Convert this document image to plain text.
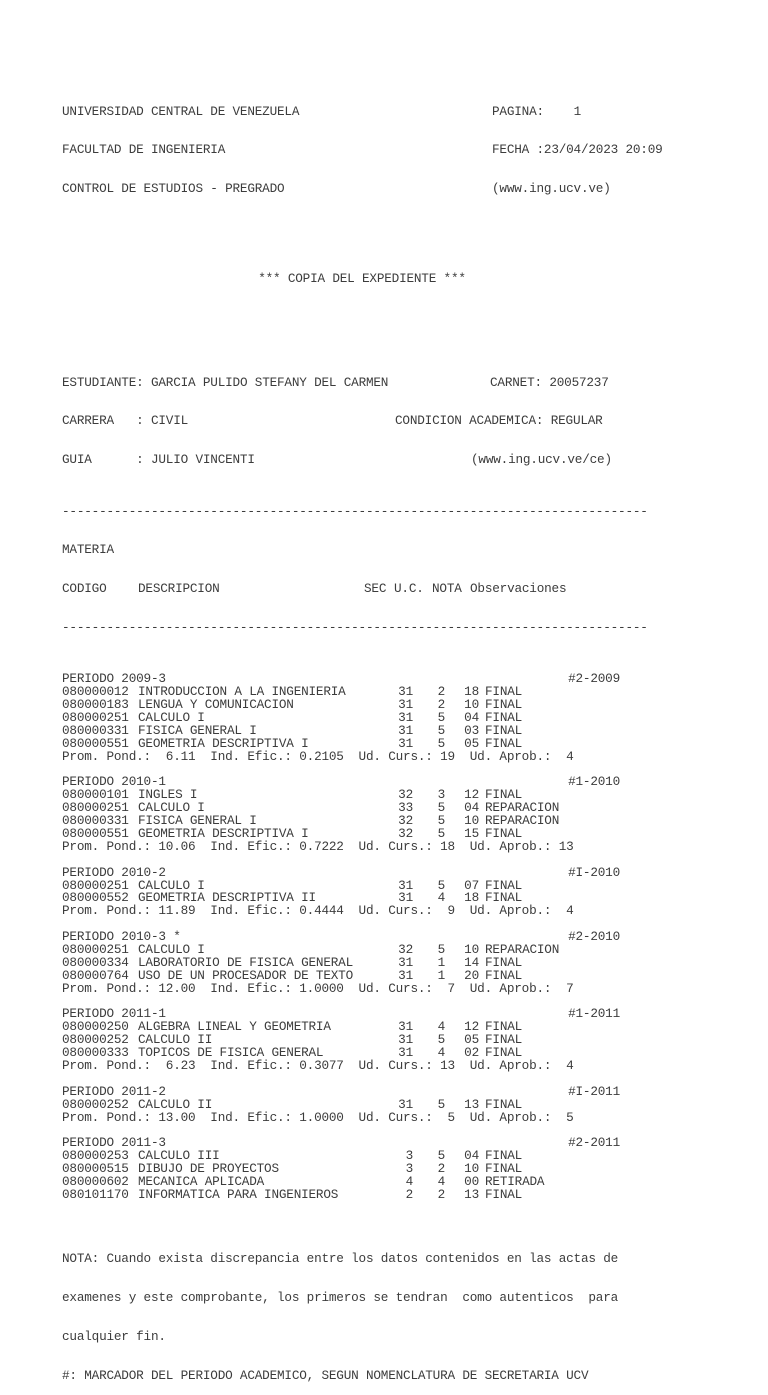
UNIVERSIDAD CENTRAL DE VENEZUELA	PAGINA: 1

FACULTAD DE INGENIERIA	FECHA :23/04/2023 20:09

CONTROL DE ESTUDIOS - PREGRADO	(www.ing.ucv.ve)

*** COPIA DEL EXPEDIENTE ***

ESTUDIANTE: GARCIA PULIDO STEFANY DEL CARMEN	CARNET: 20057237

CARRERA   : CIVIL	CONDICION ACADEMICA: REGULAR

GUIA      : JULIO VINCENTI	(www.ing.ucv.ve/ce)

-------------------------------------------------------------------------------

MATERIA

CODIGO	DESCRIPCION	SEC U.C. NOTA Observaciones

-------------------------------------------------------------------------------

PERIODO 2009-3	#2-2009
080000012 INTRODUCCION A LA INGENIERIA	31	2	18 FINAL
080000183 LENGUA Y COMUNICACION	31	2	10 FINAL
080000251 CALCULO I	31	5	04 FINAL
080000331 FISICA GENERAL I	31	5	03 FINAL
080000551 GEOMETRIA DESCRIPTIVA I	31	5	05 FINAL
Prom. Pond.:  6.11  Ind. Efic.: 0.2105  Ud. Curs.: 19  Ud. Aprob.:  4
PERIODO 2010-1	#1-2010
080000101 INGLES I	32	3	12 FINAL
080000251 CALCULO I	33	5	04 REPARACION
080000331 FISICA GENERAL I	32	5	10 REPARACION
080000551 GEOMETRIA DESCRIPTIVA I	32	5	15 FINAL
Prom. Pond.: 10.06  Ind. Efic.: 0.7222  Ud. Curs.: 18  Ud. Aprob.: 13
PERIODO 2010-2	#I-2010
080000251 CALCULO I	31	5	07 FINAL
080000552 GEOMETRIA DESCRIPTIVA II	31	4	18 FINAL
Prom. Pond.: 11.89  Ind. Efic.: 0.4444  Ud. Curs.:  9  Ud. Aprob.:  4
PERIODO 2010-3 *	#2-2010
080000251 CALCULO I	32	5	10 REPARACION
080000334 LABORATORIO DE FISICA GENERAL	31	1	14 FINAL
080000764 USO DE UN PROCESADOR DE TEXTO	31	1	20 FINAL
Prom. Pond.: 12.00  Ind. Efic.: 1.0000  Ud. Curs.:  7  Ud. Aprob.:  7
PERIODO 2011-1	#1-2011
080000250 ALGEBRA LINEAL Y GEOMETRIA	31	4	12 FINAL
080000252 CALCULO II	31	5	05 FINAL
080000333 TOPICOS DE FISICA GENERAL	31	4	02 FINAL
Prom. Pond.:  6.23  Ind. Efic.: 0.3077  Ud. Curs.: 13  Ud. Aprob.:  4
PERIODO 2011-2	#I-2011
080000252 CALCULO II	31	5	13 FINAL
Prom. Pond.: 13.00  Ind. Efic.: 1.0000  Ud. Curs.:  5  Ud. Aprob.:  5
PERIODO 2011-3	#2-2011
080000253 CALCULO III	3	5	04 FINAL
080000515 DIBUJO DE PROYECTOS	3	2	10 FINAL
080000602 MECANICA APLICADA	4	4	00 RETIRADA
080101170 INFORMATICA PARA INGENIEROS	2	2	13 FINAL

NOTA: Cuando exista discrepancia entre los datos contenidos en las actas de

examenes y este comprobante, los primeros se tendran  como autenticos  para

cualquier fin.

#: MARCADOR DEL PERIODO ACADEMICO, SEGUN NOMENCLATURA DE SECRETARIA UCV
